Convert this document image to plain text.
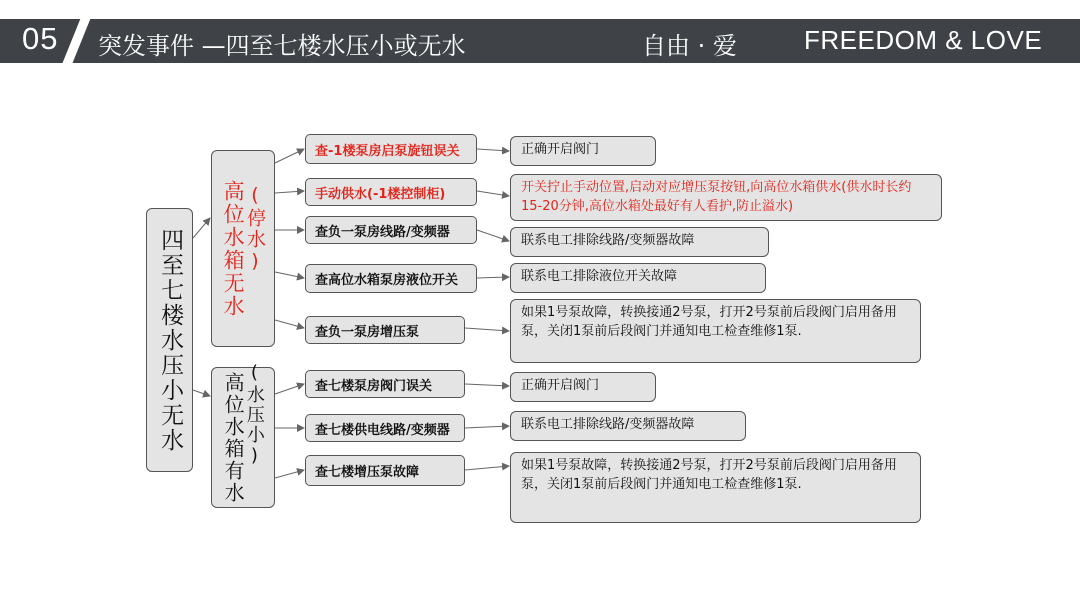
05 突发事件 —四至七楼水压小或无水	自由 · 爱	FREEDOM & LOVE
四至七楼水压小无水 高位水箱无水
(停水)
高位水箱有水
(水压小)
查-1楼泵房启泵旋钮误关
手动供水(-1楼控制柜)
查负一泵房线路/变频器
查高位水箱泵房液位开关
查负一泵房增压泵
正确开启阀门
开关拧止手动位置,启动对应增压泵按钮,向高位水箱供水(供水时长约15-20分钟,高位水箱处最好有人看护,防止溢水)
联系电工排除线路/变频器故障
联系电工排除液位开关故障
如果1号泵故障，转换接通2号泵，打开2号泵前后段阀门启用备用泵，关闭1泵前后段阀门并通知电工检查维修1泵.
查七楼泵房阀门误关
查七楼供电线路/变频器
查七楼增压泵故障
正确开启阀门
联系电工排除线路/变频器故障
如果1号泵故障，转换接通2号泵，打开2号泵前后段阀门启用备用泵，关闭1泵前后段阀门并通知电工检查维修1泵.
